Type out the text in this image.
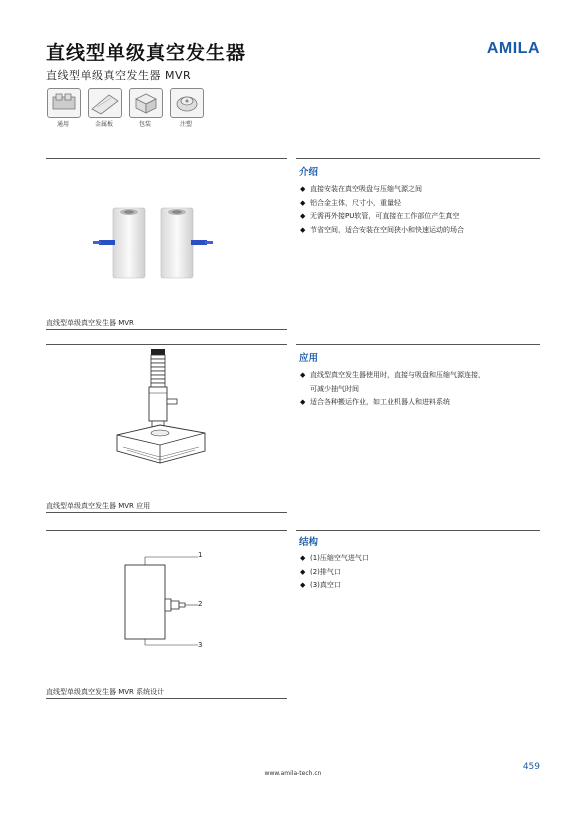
直线型单级真空发生器
直线型单级真空发生器 MVR
AMILA
通用	金属板	包装	注塑
直线型单级真空发生器 MVR
介绍
◆ 直接安装在真空吸盘与压缩气源之间
◆ 铝合金主体，尺寸小，重量轻
◆ 无需再外接PU软管，可直接在工作部位产生真空
◆ 节省空间，适合安装在空间狭小和快速运动的场合
直线型单级真空发生器 MVR 应用
应用
◆ 直线型真空发生器使用时，直接与吸盘和压缩气源连接，
可减少抽气时间
◆ 适合各种搬运作业，如工业机器人和进料系统
1
2
3
直线型单级真空发生器 MVR 系统设计
结构
◆ (1)压缩空气进气口
◆ (2)排气口
◆ (3)真空口
459
www.amila-tech.cn
